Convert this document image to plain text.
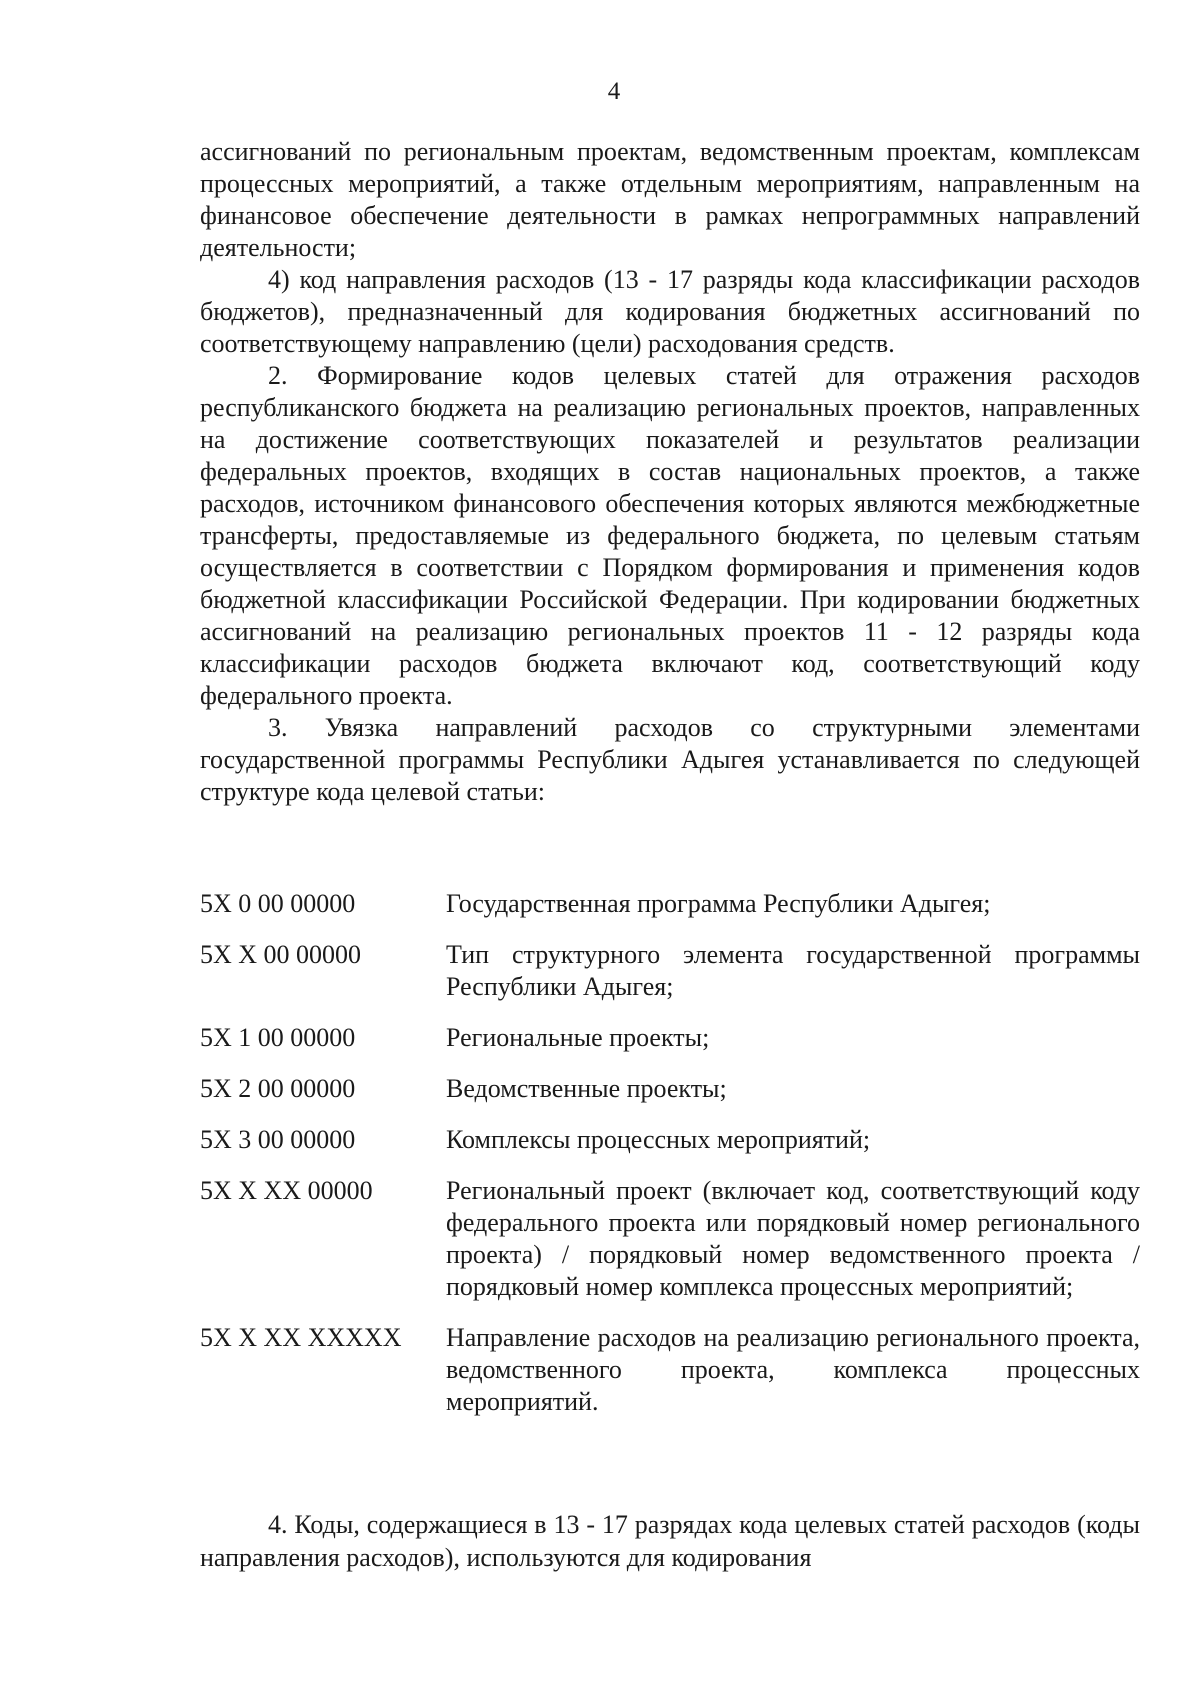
4

ассигнований по региональным проектам, ведомственным проектам, комплексам процессных мероприятий, а также отдельным мероприятиям, направленным на финансовое обеспечение деятельности в рамках непрограммных направлений деятельности;

4) код направления расходов (13 - 17 разряды кода классификации расходов бюджетов), предназначенный для кодирования бюджетных ассигнований по соответствующему направлению (цели) расходования средств.

2. Формирование кодов целевых статей для отражения расходов республиканского бюджета на реализацию региональных проектов, направленных на достижение соответствующих показателей и результатов реализации федеральных проектов, входящих в состав национальных проектов, а также расходов, источником финансового обеспечения которых являются межбюджетные трансферты, предоставляемые из федерального бюджета, по целевым статьям осуществляется в соответствии с Порядком формирования и применения кодов бюджетной классификации Российской Федерации. При кодировании бюджетных ассигнований на реализацию региональных проектов 11 - 12 разряды кода классификации расходов бюджета включают код, соответствующий коду федерального проекта.

3. Увязка направлений расходов со структурными элементами государственной программы Республики Адыгея устанавливается по следующей структуре кода целевой статьи:

5Х 0 00 00000	Государственная программа Республики Адыгея;
5Х Х 00 00000	Тип структурного элемента государственной программы Республики Адыгея;
5Х 1 00 00000	Региональные проекты;
5Х 2 00 00000	Ведомственные проекты;
5Х 3 00 00000	Комплексы процессных мероприятий;
5Х Х ХХ 00000	Региональный проект (включает код, соответствующий коду федерального проекта или порядковый номер регионального проекта) / порядковый номер ведомственного проекта / порядковый номер комплекса процессных мероприятий;
5Х Х ХХ ХХХХХ	Направление расходов на реализацию регионального проекта, ведомственного проекта, комплекса процессных мероприятий.

4. Коды, содержащиеся в 13 - 17 разрядах кода целевых статей расходов (коды направления расходов), используются для кодирования
